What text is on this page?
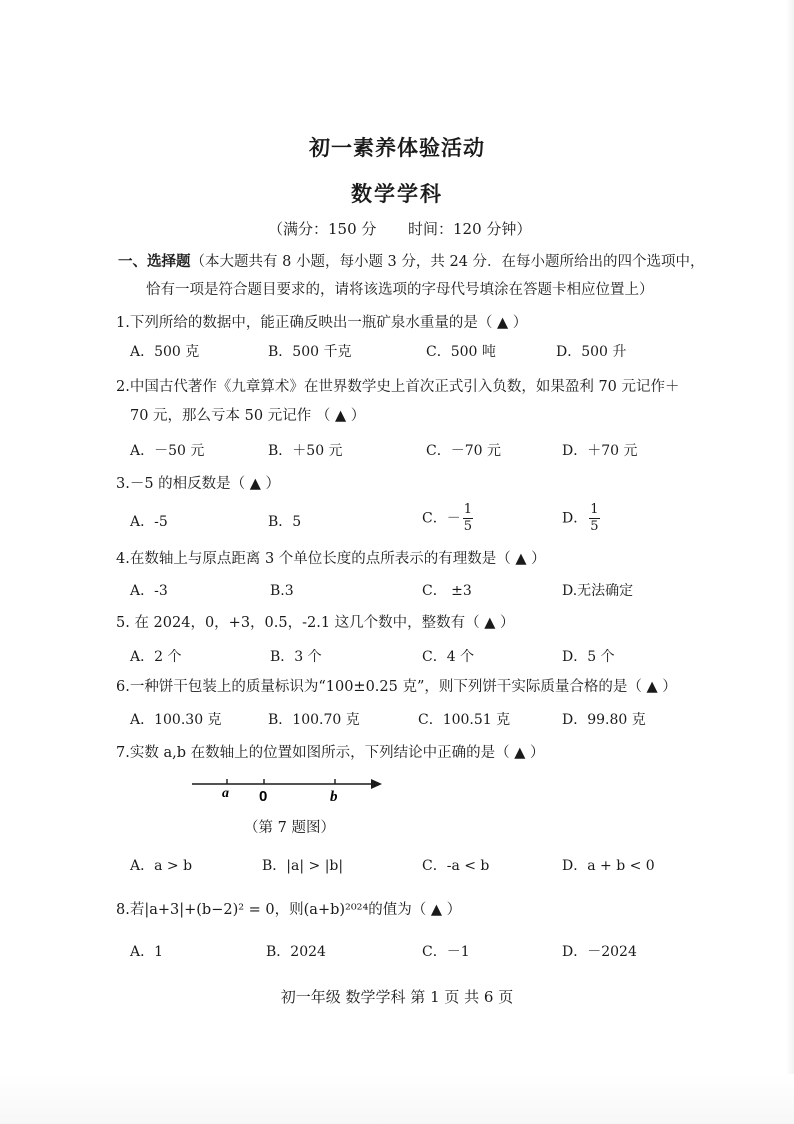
初一素养体验活动
数学学科
（满分：150 分 时间：120 分钟）
一、选择题（本大题共有 8 小题，每小题 3 分，共 24 分．在每小题所给出的四个选项中，
恰有一项是符合题目要求的，请将该选项的字母代号填涂在答题卡相应位置上）
1.下列所给的数据中，能正确反映出一瓶矿泉水重量的是（ ▲ ）
A．500 克	B．500 千克	C．500 吨	D．500 升
2.中国古代著作《九章算术》在世界数学史上首次正式引入负数，如果盈利 70 元记作＋
70 元，那么亏本 50 元记作 （ ▲ ）
A．－50 元	B．＋50 元	C．－70 元	D．＋70 元
3.－5 的相反数是（ ▲ ）
A．-5	B．5	C．－ $\frac{1}{5}$	D． $\frac{1}{5}$
4.在数轴上与原点距离 3 个单位长度的点所表示的有理数是（ ▲ ）
A．-3	B.3	C． ±3	D.无法确定
5. 在 2024，0，+3，0.5，-2.1 这几个数中，整数有（ ▲ ）
A．2 个	B．3 个	C．4 个	D．5 个
6.一种饼干包装上的质量标识为“100±0.25 克”，则下列饼干实际质量合格的是（ ▲ ）
A．100.30 克	B．100.70 克	C．100.51 克	D．99.80 克
7.实数 a,b 在数轴上的位置如图所示，下列结论中正确的是（ ▲ ）
a 0	b
（第 7 题图）
A．a > b	B．|a| > |b|	C．-a < b	D．a + b < 0
8.若|a+3|+(b−2)² = 0，则(a+b)²⁰²⁴的值为（ ▲ ）
A．1	B．2024	C．－1	D．－2024
初一年级 数学学科 第 1 页 共 6 页
